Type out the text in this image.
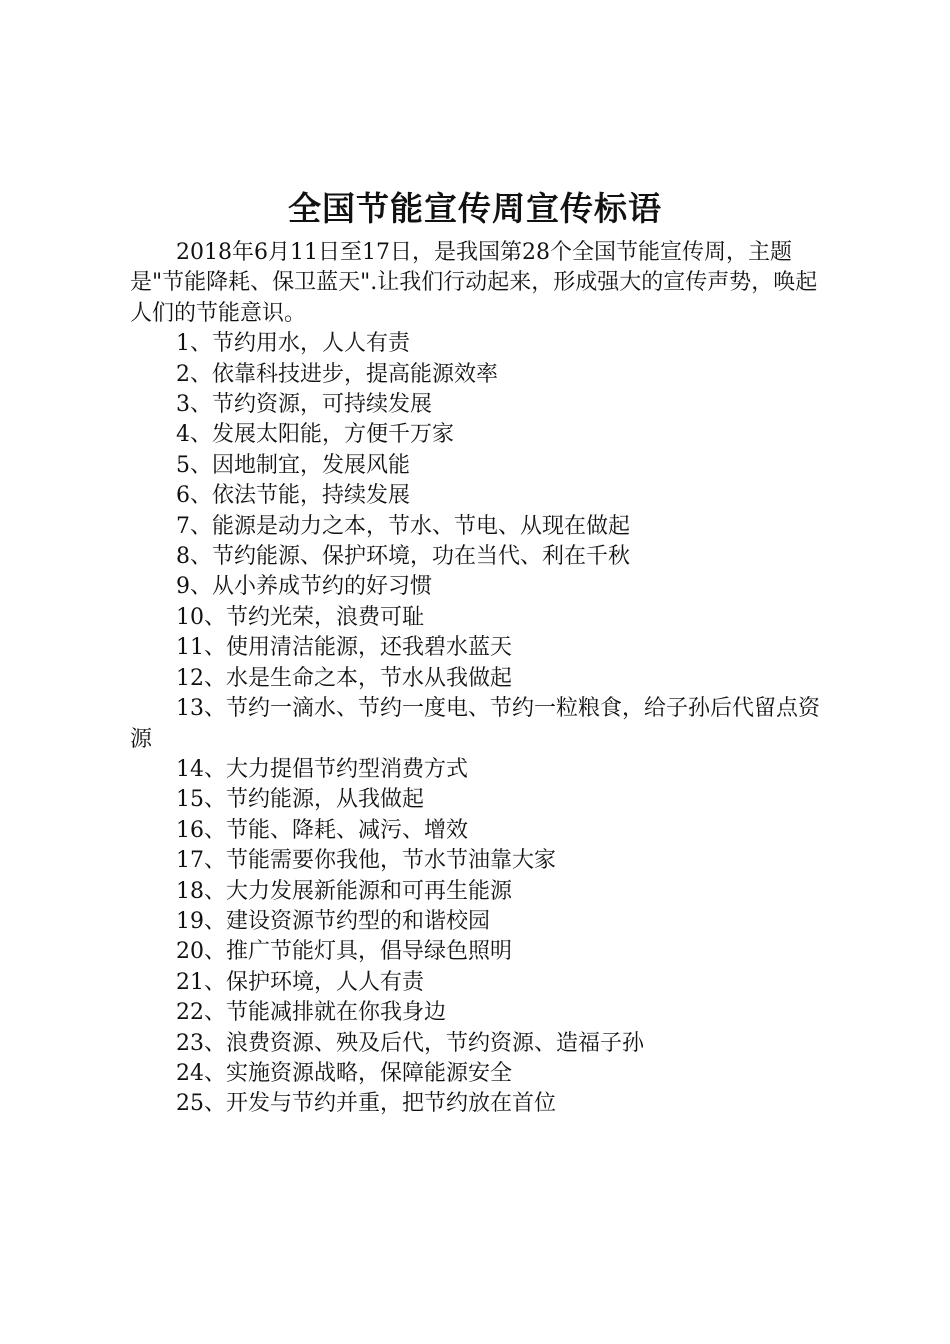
全国节能宣传周宣传标语

2018年6月11日至17日，是我国第28个全国节能宣传周，主题是"节能降耗、保卫蓝天".让我们行动起来，形成强大的宣传声势，唤起人们的节能意识。

1、节约用水，人人有责
2、依靠科技进步，提高能源效率
3、节约资源，可持续发展
4、发展太阳能，方便千万家
5、因地制宜，发展风能
6、依法节能，持续发展
7、能源是动力之本，节水、节电、从现在做起
8、节约能源、保护环境，功在当代、利在千秋
9、从小养成节约的好习惯
10、节约光荣，浪费可耻
11、使用清洁能源，还我碧水蓝天
12、水是生命之本，节水从我做起
13、节约一滴水、节约一度电、节约一粒粮食，给子孙后代留点资源
14、大力提倡节约型消费方式
15、节约能源，从我做起
16、节能、降耗、减污、增效
17、节能需要你我他，节水节油靠大家
18、大力发展新能源和可再生能源
19、建设资源节约型的和谐校园
20、推广节能灯具，倡导绿色照明
21、保护环境，人人有责
22、节能减排就在你我身边
23、浪费资源、殃及后代，节约资源、造福子孙
24、实施资源战略，保障能源安全
25、开发与节约并重，把节约放在首位
